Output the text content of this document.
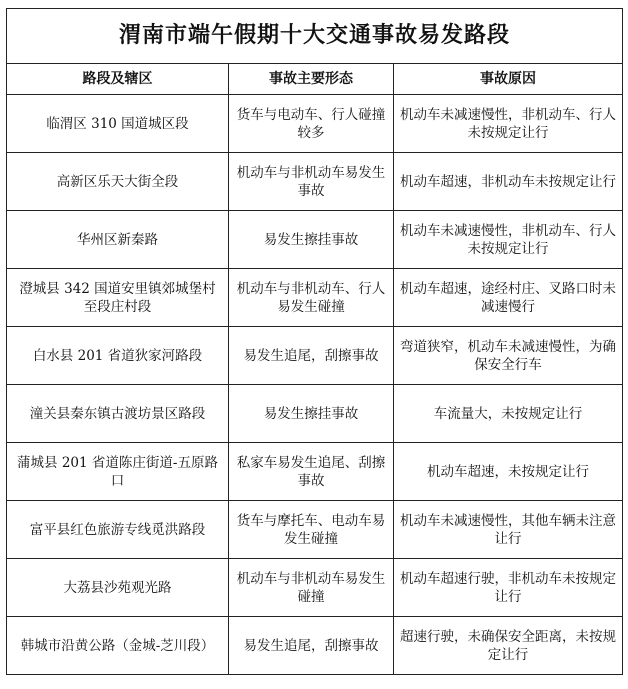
渭南市端午假期十大交通事故易发路段		
路段及辖区	事故主要形态	事故原因
临渭区 310 国道城区段	货车与电动车、行人碰撞较多	机动车未减速慢性，非机动车、行人未按规定让行
高新区乐天大街全段	机动车与非机动车易发生事故	机动车超速，非机动车未按规定让行
华州区新秦路	易发生擦挂事故	机动车未减速慢性，非机动车、行人未按规定让行
澄城县 342 国道安里镇郊城堡村至段庄村段	机动车与非机动车、行人易发生碰撞	机动车超速，途经村庄、叉路口时未减速慢行
白水县 201 省道狄家河路段	易发生追尾，刮擦事故	弯道狭窄，机动车未减速慢性，为确保安全行车
潼关县秦东镇古渡坊景区路段	易发生擦挂事故	车流量大，未按规定让行
蒲城县 201 省道陈庄街道-五原路口	私家车易发生追尾、刮擦事故	机动车超速，未按规定让行
富平县红色旅游专线觅洪路段	货车与摩托车、电动车易发生碰撞	机动车未减速慢性，其他车辆未注意让行
大荔县沙苑观光路	机动车与非机动车易发生碰撞	机动车超速行驶，非机动车未按规定让行
韩城市沿黄公路（金城-芝川段）	易发生追尾，刮擦事故	超速行驶，未确保安全距离，未按规定让行
